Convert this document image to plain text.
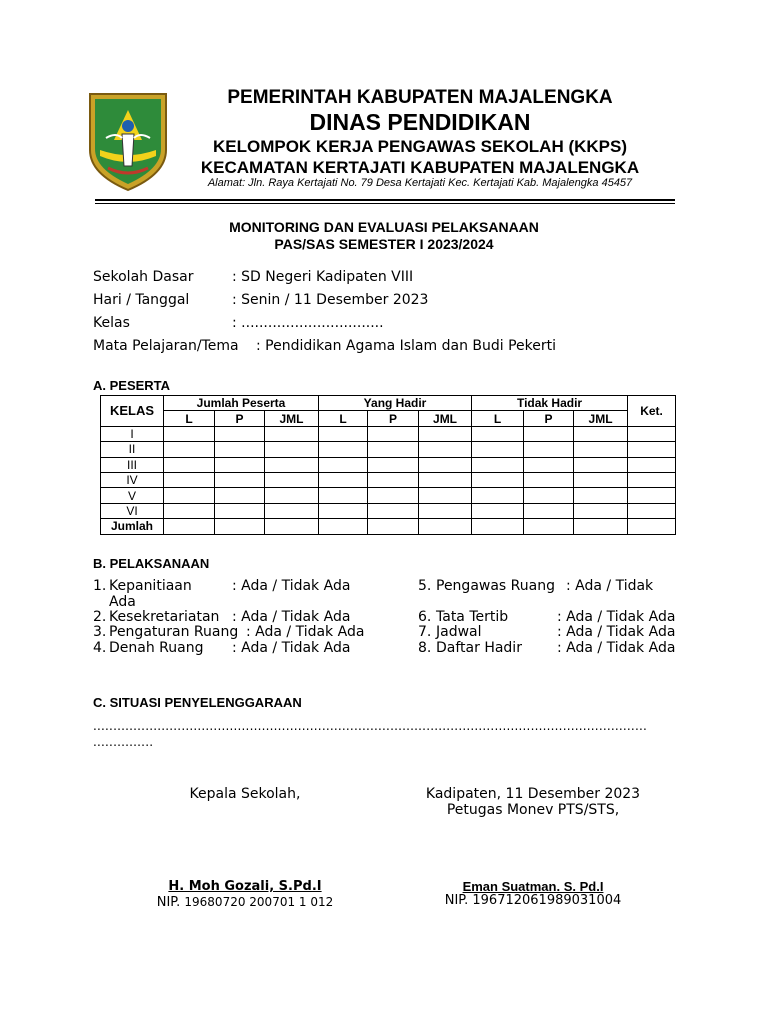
PEMERINTAH KABUPATEN MAJALENGKA
DINAS PENDIDIKAN
KELOMPOK KERJA PENGAWAS SEKOLAH (KKPS)
KECAMATAN KERTAJATI KABUPATEN MAJALENGKA
Alamat: Jln. Raya Kertajati No. 79 Desa Kertajati Kec. Kertajati Kab. Majalengka 45457
MONITORING DAN EVALUASI PELAKSANAAN
PAS/SAS SEMESTER I 2023/2024
Sekolah Dasar	: SD Negeri Kadipaten VIII
Hari / Tanggal	: Senin / 11 Desember 2023
Kelas	: ................................
Mata Pelajaran/Tema : Pendidikan Agama Islam dan Budi Pekerti
A. PESERTA
KELAS	Jumlah Peserta			Yang Hadir			Tidak Hadir			Ket.
	L	P	JML	L	P	JML	L	P	JML	
I										
II										
III										
IV										
V										
VI										
Jumlah										
B. PELAKSANAAN
1. Kepanitiaan	: Ada / Tidak Ada
Ada
2. Kesekretariatan : Ada / Tidak Ada
3. Pengaturan Ruang : Ada / Tidak Ada
4. Denah Ruang : Ada / Tidak Ada
5. Pengawas Ruang : Ada / Tidak
6. Tata Tertib	: Ada / Tidak Ada
7. Jadwal	: Ada / Tidak Ada
8. Daftar Hadir	: Ada / Tidak Ada
C. SITUASI PENYELENGGARAAN
..........................................................................................................................................
...............
Kepala Sekolah,	Kadipaten, 11 Desember 2023
Petugas Monev PTS/STS,
H. Moh Gozali, S.Pd.I
NIP. 19680720 200701 1 012
Eman Suatman. S. Pd.I
NIP. 196712061989031004
